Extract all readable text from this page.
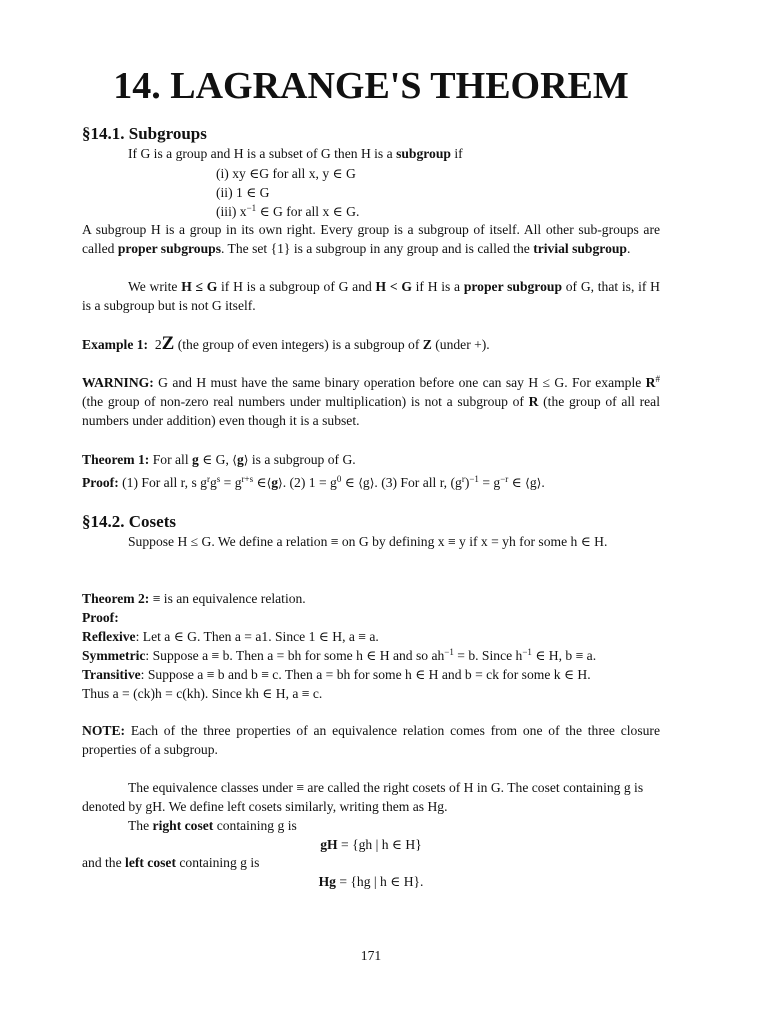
14. LAGRANGE'S THEOREM
§14.1. Subgroups
If G is a group and H is a subset of G then H is a subgroup if
(i) xy ∈G for all x, y ∈ G
(ii) 1 ∈ G
(iii) $x^{-1}$ ∈ G for all x ∈ G.
A subgroup H is a group in its own right. Every group is a subgroup of itself. All other sub-groups are called proper subgroups. The set {1} is a subgroup in any group and is called the trivial subgroup.
We write H ≤ G if H is a subgroup of G and H < G if H is a proper subgroup of G, that is, if H is a subgroup but is not G itself.
Example 1: 2Z (the group of even integers) is a subgroup of Z (under +).
WARNING: G and H must have the same binary operation before one can say H ≤ G. For example R# (the group of non-zero real numbers under multiplication) is not a subgroup of R (the group of all real numbers under addition) even though it is a subset.
Theorem 1: For all g ∈ G, ⟨g⟩ is a subgroup of G.
Proof: (1) For all r, s $g^rg^s = g^{r+s}$ ∈⟨g⟩. (2) $1 = g^0$ ∈ ⟨g⟩. (3) For all r, $(g^r)^{-1} = g^{-r}$ ∈ ⟨g⟩.
§14.2. Cosets
Suppose H ≤ G. We define a relation ≡ on G by defining x ≡ y if x = yh for some h ∈ H.
Theorem 2: ≡ is an equivalence relation.
Proof:
Reflexive: Let a ∈ G. Then a = a1. Since 1 ∈ H, a ≡ a.
Symmetric: Suppose a ≡ b. Then a = bh for some h ∈ H and so $ah^{-1} = b$. Since $h^{-1}$ ∈ H, b ≡ a.
Transitive: Suppose a ≡ b and b ≡ c. Then a = bh for some h ∈ H and b = ck for some k ∈ H.
Thus a = (ck)h = c(kh). Since kh ∈ H, a ≡ c.
NOTE: Each of the three properties of an equivalence relation comes from one of the three closure properties of a subgroup.
The equivalence classes under ≡ are called the right cosets of H in G. The coset containing g is denoted by gH. We define left cosets similarly, writing them as Hg.
The right coset containing g is
gH = {gh | h ∈ H}
and the left coset containing g is
Hg = {hg | h ∈ H}.
171
